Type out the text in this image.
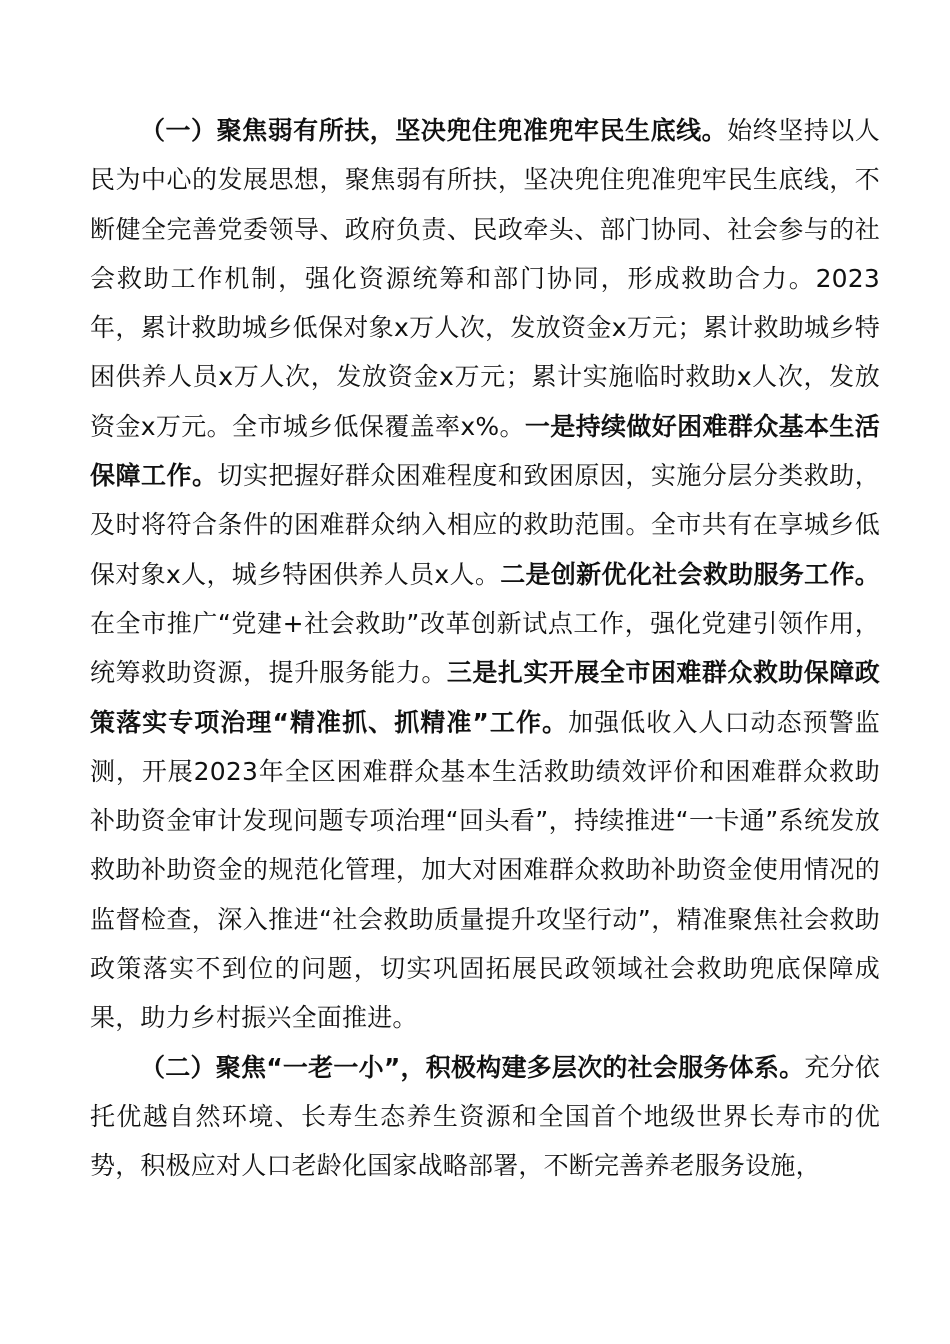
（一）聚焦弱有所扶，坚决兜住兜准兜牢民生底线。始终坚持以人民为中心的发展思想，聚焦弱有所扶，坚决兜住兜准兜牢民生底线，不断健全完善党委领导、政府负责、民政牵头、部门协同、社会参与的社会救助工作机制，强化资源统筹和部门协同，形成救助合力。2023年，累计救助城乡低保对象x万人次，发放资金x万元；累计救助城乡特困供养人员x万人次，发放资金x万元；累计实施临时救助x人次，发放资金x万元。全市城乡低保覆盖率x%。一是持续做好困难群众基本生活保障工作。切实把握好群众困难程度和致困原因，实施分层分类救助，及时将符合条件的困难群众纳入相应的救助范围。全市共有在享城乡低保对象x人，城乡特困供养人员x人。二是创新优化社会救助服务工作。在全市推广“党建+社会救助”改革创新试点工作，强化党建引领作用，统筹救助资源，提升服务能力。三是扎实开展全市困难群众救助保障政策落实专项治理“精准抓、抓精准”工作。加强低收入人口动态预警监测，开展2023年全区困难群众基本生活救助绩效评价和困难群众救助补助资金审计发现问题专项治理“回头看”，持续推进“一卡通”系统发放救助补助资金的规范化管理，加大对困难群众救助补助资金使用情况的监督检查，深入推进“社会救助质量提升攻坚行动”，精准聚焦社会救助政策落实不到位的问题，切实巩固拓展民政领域社会救助兜底保障成果，助力乡村振兴全面推进。

（二）聚焦“一老一小”，积极构建多层次的社会服务体系。充分依托优越自然环境、长寿生态养生资源和全国首个地级世界长寿市的优势，积极应对人口老龄化国家战略部署，不断完善养老服务设施，
